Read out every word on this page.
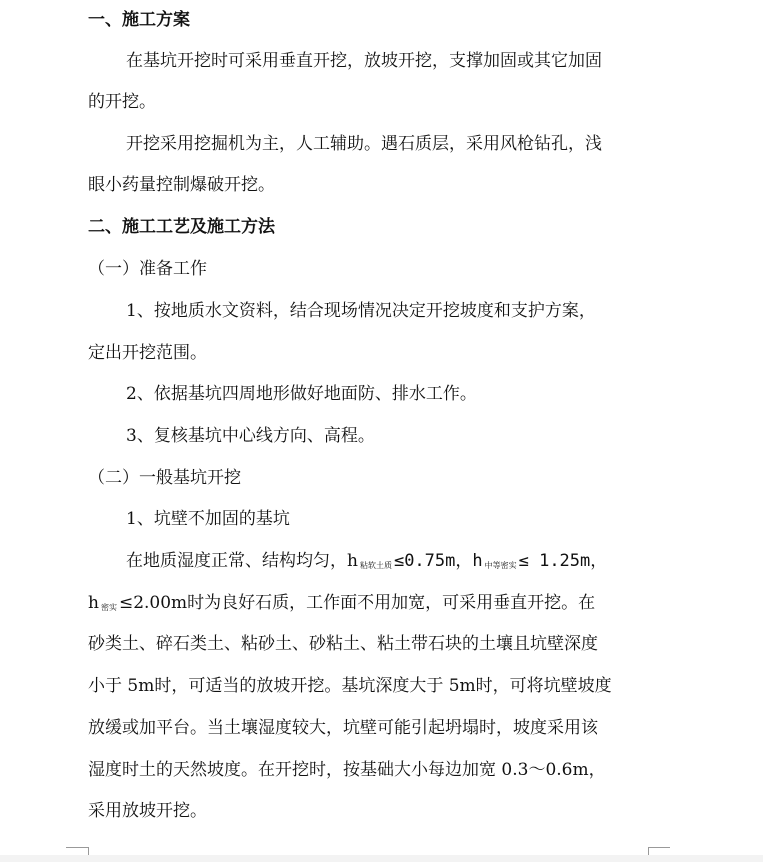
一、施工方案
在基坑开挖时可采用垂直开挖，放坡开挖，支撑加固或其它加固
的开挖。
开挖采用挖掘机为主，人工辅助。遇石质层，采用风枪钻孔，浅
眼小药量控制爆破开挖。
二、施工工艺及施工方法
（一）准备工作
1、按地质水文资料，结合现场情况决定开挖坡度和支护方案，
定出开挖范围。
2、依据基坑四周地形做好地面防、排水工作。
3、复核基坑中心线方向、高程。
（二）一般基坑开挖
1、坑壁不加固的基坑
在地质湿度正常、结构均匀，h $_{粘软土质}$ ≤0.75m，h $_{中等密实}$ ≤ 1.25m，
h $_{密实}$ ≤2.00m时为良好石质，工作面不用加宽，可采用垂直开挖。在
砂类土、碎石类土、粘砂土、砂粘土、粘土带石块的土壤且坑壁深度
小于 5m时，可适当的放坡开挖。基坑深度大于 5m时，可将坑壁坡度
放缓或加平台。当土壤湿度较大，坑壁可能引起坍塌时，坡度采用该
湿度时土的天然坡度。在开挖时，按基础大小每边加宽 0.3～0.6m，
采用放坡开挖。
